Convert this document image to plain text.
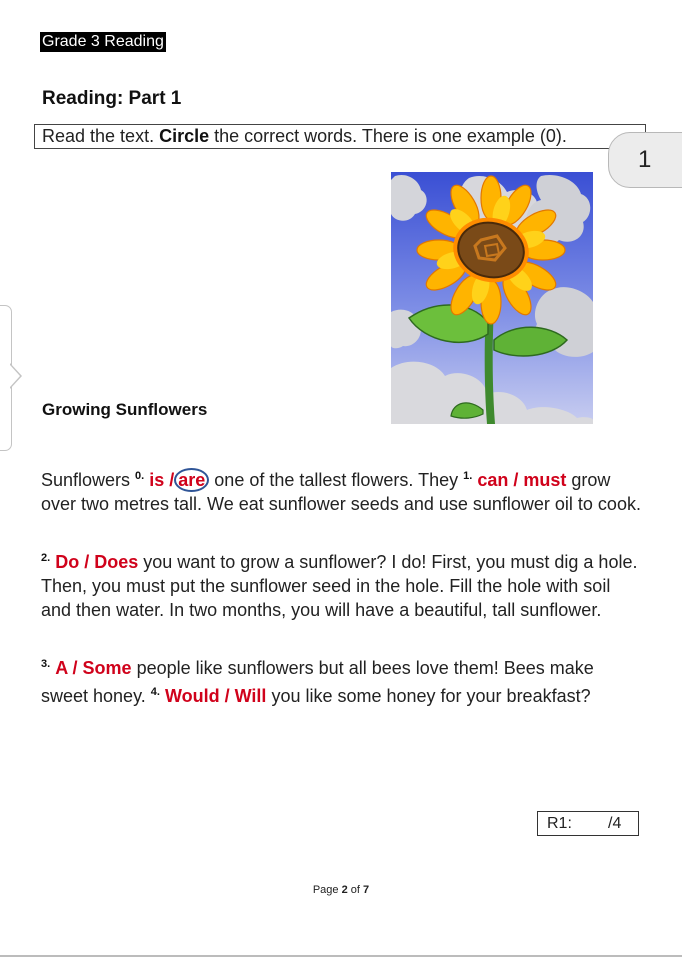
Grade 3 Reading
Reading: Part 1
Read the text. Circle the correct words. There is one example (0).
1
Growing Sunflowers
Sunflowers $^{0.}$ is / are one of the tallest flowers. They $^{1.}$ can / must grow over two metres tall. We eat sunflower seeds and use sunflower oil to cook.
$^{2.}$ Do / Does you want to grow a sunflower? I do! First, you must dig a hole. Then, you must put the sunflower seed in the hole. Fill the hole with soil and then water. In two months, you will have a beautiful, tall sunflower.
$^{3.}$ A / Some people like sunflowers but all bees love them! Bees make sweet honey. $^{4.}$ Would / Will you like some honey for your breakfast?
R1: /4
Page 2 of 7
